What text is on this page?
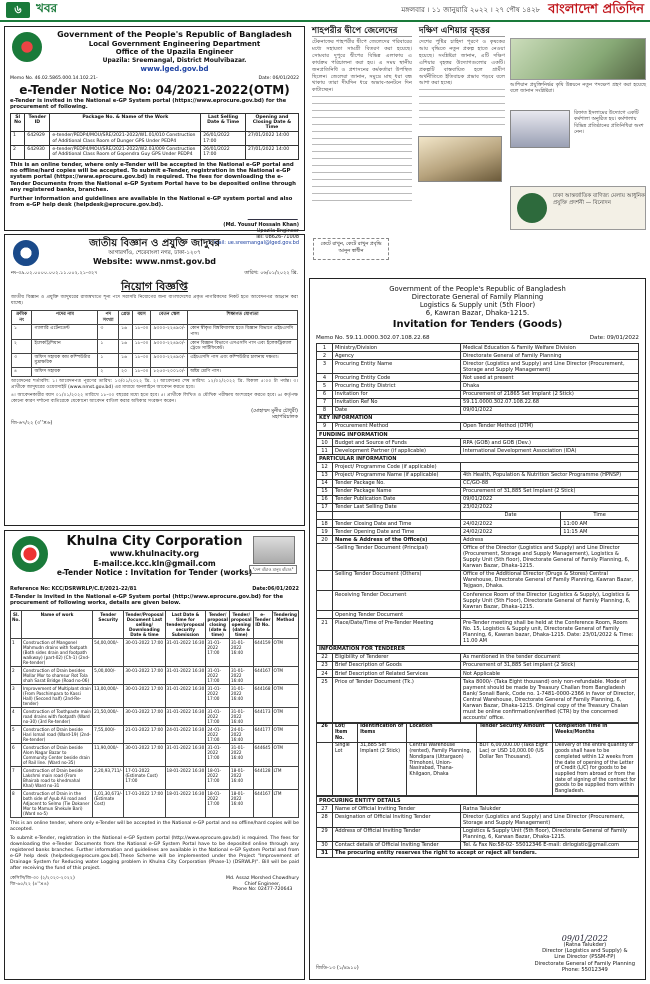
৬	খবর	মঙ্গলবার । ১১ জানুয়ারি ২০২২ । ২৭ পৌষ ১৪২৮ বাংলাদেশ প্রতিদিন
Government of the People's Republic of Bangladesh
Local Government Engineering Department
Office of the Upazila Engineer
Upazila: Sreemangal, District Moulvibazar.
www.lged.gov.bd
Memo No. 46.02.5865.000.14.102.21-	Date: 06/01/2022
e-Tender Notice No: 04/2021-2022(OTM)
e-Tender is invited in the National e-GP System portal (https://www.eprocure.gov.bd) for the procurement of following.
Sl No	Tender ID	Package No. & Name of the Work	Last Selling Date & Time	Opening and Closing Date & Time
1	642929	e-tender/PEDP4/MOU/SRE/2021-2022/W1.01/010 Construction of Additional Class Room of Dunger GPS Under PEDP4	26/01/2022 17:00	27/01/2022 14:00
2	642930	e-tender/PEDP4/MOU/SRE/2021-2022/W2.03/009 Construction of Additional Class Room of Gopendra Guy GPS Under PEDP4	26/01/2022 17:00	27/01/2022 14:00
This is an online tender, where only e-Tender will be accepted in the National e-GP portal and no offline/hard copies will be accepted. To submit e-Tender, registration in the National e-GP system portal (https://www.eprocure.gov.bd) is required. The fees for downloading the e-Tender Documents from the National e-GP System Portal have to be deposited online through any registered banks, branches.
Further information and guidelines are available in the National e-GP system portal and also from e-GP help desk (helpdesk@eprocure.gov.bd).
(Md. Yousuf Hossain Khan)
Upazila Engineer
Tel: 08626-71008
E-mail: ue.sreemangal@lged.gov.bd
শাহপরীর দ্বীপে জেলেদের
টেকনাফের শাহপরীর দ্বীপে জেলেদের পরিবারের মধ্যে সহায়তা সামগ্রী বিতরণ করা হয়েছে। সোমবার দুপুরে দ্বীপের বিভিন্ন এলাকায় এ কার্যক্রম পরিচালনা করা হয়। এ সময় স্থানীয় জনপ্রতিনিধি ও প্রশাসনের কর্মকর্তারা উপস্থিত ছিলেন। জেলেরা জানান, সমুদ্রে মাছ ধরা বন্ধ থাকায় তারা দীর্ঘদিন ধরে অভাব-অনটনে দিন কাটাচ্ছেন।
দক্ষিণ এশিয়ার বৃহত্তর
দেশের পুষ্টির চাহিদা পূরণে ও কৃষকের আয় বৃদ্ধিতে নতুন প্রকল্প হাতে নেওয়া হয়েছে। সংশ্লিষ্টরা জানান, এটি দক্ষিণ এশিয়ার বৃহত্তর উদ্যোগগুলোর একটি। প্রকল্পটি বাস্তবায়িত হলে গ্রামীণ অর্থনীতিতে ইতিবাচক প্রভাব পড়বে বলে আশা করা হচ্ছে।	আশিয়ান প্রযুক্তিনির্ভর কৃষি উন্নয়নে নতুন পদক্ষেপ গ্রহণ করা হয়েছে বলে জানান সংশ্লিষ্টরা।
রিফাত ইসলামের উদ্যোগে একটি কর্মশালা অনুষ্ঠিত হয়। কর্মশালায় বিভিন্ন প্রতিষ্ঠানের প্রতিনিধিরা অংশ নেন।
ঢাকা আন্তর্জাতিক বাণিজ্য মেলায় আধুনিক প্রযুক্তি প্রদর্শনী — বিনোদন
জাতীয় বিজ্ঞান ও প্রযুক্তি জাদুঘর
আগারগাঁও, শেরেবাংলা নগর, ঢাকা-১২০৭
Website: www.nmst.gov.bd
নং-৩৯.০২.০০০০.০০২.১১.০০২.২১-৩২৭	তারিখ: ০৬/০১/২০২২ খ্রি.
নিয়োগ বিজ্ঞপ্তি
জাতীয় বিজ্ঞান ও প্রযুক্তি জাদুঘরের রাজস্বখাতে শূন্য পদে সরাসরি নিয়োগের জন্য বাংলাদেশের প্রকৃত নাগরিকদের নিকট হতে আবেদনপত্র আহ্বান করা যাচ্ছে।
ক্রমিক নং	পদের নাম	পদ সংখ্যা	গ্রেড	বয়স	বেতন স্কেল	শিক্ষাগত যোগ্যতা
১	গ্যালারি এটেনডেন্ট	৩	১৬	১৮-৩০	৯৩০০-২২৪৯০/-	কোন স্বীকৃত বিশ্ববিদ্যালয় হতে বিজ্ঞান বিভাগে এইচএসসি পাস।
২	ইলেকট্রিশিয়ান	১	১৬	১৮-৩০	৯৩০০-২২৪৯০/-	কোন বিজ্ঞান বিভাগে এসএসসি পাস এবং ইলেকট্রিক্যাল ট্রেডে সার্টিফিকেট।
৩	অফিস সহায়ক কাম কম্পিউটার মুদ্রাক্ষরিক	১	১৬	১৮-৩০	৯৩০০-২২৪৯০/-	এইচএসসি পাস এবং কম্পিউটার চালনায় দক্ষতা।
৪	অফিস সহায়ক	২	২০	১৮-৩০	৮২৫০-২০০১০/-	অষ্টম শ্রেণি পাস।
আবেদনের শর্তাবলি: ১। আবেদনপত্র পূরণের তারিখ: ১৩/০১/২০২২ খ্রি. ২। আবেদনের শেষ তারিখ: ১২/০২/২০২২ খ্রি. বিকাল ৫:০০ টা পর্যন্ত। ৩। প্রার্থীকে জাদুঘরের ওয়েবসাইট (www.nmst.gov.bd) এর মাধ্যমে অনলাইনে আবেদন করতে হবে।
৪। আবেদনকারীর বয়স ০১/০১/২০২২ তারিখে ১৮-৩০ বছরের মধ্যে হতে হবে। ৫। প্রার্থীকে লিখিত ও মৌখিক পরীক্ষায় অংশগ্রহণ করতে হবে। ৬। কর্তৃপক্ষ কোনো কারণ দর্শানো ব্যতিরেকে যেকোনো আবেদন বাতিল করার অধিকার সংরক্ষণ করেন।
(মোহাম্মদ মুনীর চৌধুরী)
মহাপরিচালক
জি-৬৭/২২ (৩''×৬)
"দেশ বাঁচাও মানুষ বাঁচাও"
Khulna City Corporation
www.khulnacity.org
E-mail:ce.kcc.kln@gmail.com
e-Tender Notice : Invitation for Tender (works)
Reference No: KCC/DSRWRLP/C.E/2021-22/81	Date:06/01/2022
E-Tender is invited in the National e-GP System portal (http://www.eprocure.gov.bd) for the procurement of following works, details are given below.
Sl. No.	Name of work	Tender Security	Tender/Proposal Document Last selling/ Downloading Date & time	Last Date & time for tender/proposal security Submission	Tender/ proposal closing (date & time)	Tender/ proposal opening (date & time)	e-Tender ID No.	Tendering Method
1	Construction of Mangonel Mahmudn drains with footpath (Both sides drain and footpath walkway) (part-02) (Ch-1) (2nd-Re-tender)	54,00,000/-	30-01-2022 17:00	31-01-2022 16:30	31-01-2022 17:00	31-01-2022 16:40	644159	OTM
2	Construction of Drain besides Mollar Mor to shamsur Rot Tola shah Sarat Bridge (Road no-06)	5,00,000/-	30-01-2022 17:00	31-01-2022 16:30	31-01-2022 17:00	31-01-2022 16:40	644167	OTM
3	Improvement of Multiplant drain (From Paschimpara to Kassi Hall) (Second half) (2nd-Re-tender)	13,00,000/-	30-01-2022 17:00	31-01-2022 16:30	31-01-2022 17:00	31-01-2022 16:40	644168	OTM
4	Construction of Toothpaste main road drains with footpath (Ward no-30) (3rd Re-tender)	21,50,000/-	30-01-2022 17:00	31-01-2022 16:30	31-01-2022 17:00	31-01-2022 16:40	644173	OTM
5	Construction of Drain beside Hari Ismail road (Ward-19) (2nd-Re-tender)	7,55,000/-	21-01-2022 17:00	24-01-2022 16:30	24-01-2022 17:00	24-01-2022 16:40	644177	OTM
6	Construction of Drain beside Alom Nagar Bazar to Community Center beside drain of Rail line. (Ward no-35)	11,90,000/-	30-01-2022 17:00	31-01-2022 16:30	31-01-2022 17:00	31-01-2022 16:40	644645	OTM
7	Construction of Drain beside Lakshmi main road (From Bhairab road to khedmahal Khal) Ward no-31	2,20,93,711/-	17-01-2022 (Estimate Cost) 17:00	18-01-2022 16:30	18-01-2022 17:00	18-01-2022 16:40	644128	LTM
8	Construction of Drain in the both side of Ayub Ali road and Adjacent to Selmo (Tie Dokaner Mor to Mamun Shekule Bari) (Ward no-5)	1,01,30,673/- (Estimate Cost)	17-01-2022 17:00	18-01-2022 16:30	18-01-2022 17:00	18-01-2022 16:40	644167	LTM
This is an online tender, where only e-Tender will be accepted in the National e-GP portal and no offline/hard copies will be accepted.
To submit e-Tender, registration in the National e-GP System portal (http://www.eprocure.gov.bd) is required. The fees for downloading the e-Tender Documents from the National e-GP System Portal have to be deposited online through any registered banks branches. Further information and guidelines are available in the National e-GP System Portal and from e-GP help desk (helpdesk@eprocure.gov.bd).These Scheme will be implemented under the Project "Improvement of Drainage System for Reducing water Logging problem in Khulna City Corporation (Phase-1) (DSRWLP)". Bill will be paid after receiving the fund of this project.
কেসিসি/জি-৩০ (২/২০২০-২০২২)
জি-৬৫/২২ (৪''×৪)
Md. Assaz Morshed Chowdhury
Chief Engineer,
Phone No: 02477-720643
কেটে রাখুন, কেটে রাখুন প্রবৃদ্ধি আনুন স্বাধীন
Government of the People's Republic of Bangladesh
Directorate General of Family Planning
Logistics & Supply unit (5th Floor)
6, Kawran Bazar, Dhaka-1215.
Invitation for Tenders (Goods)
Memo No. 59.11.0000.302.07.108.22.68	Date: 09/01/2022
1	Ministry/Division	Medical Education & Family Welfare Division	
2	Agency	Directorate General of Family Planning	
3	Procuring Entity Name	Director (Logistics and Supply) and Line Director (Procurement, Storage and Supply Management)	
4	Procuring Entity Code	Not used at present	
5	Procuring Entity District	Dhaka	
6	Invitation for	Procurement of 21865 Set Implant (2 Stick)	
7	Invitation Ref No	59.11.0000.302.07.108.22.68	
8	Date	09/01/2022	
KEY INFORMATION			
9	Procurement Method	Open Tender Method (OTM)	
FUNDING INFORMATION			
10	Budget and Source of Funds	RPA (GOB) and GOB (Dev.)	
11	Development Partner (if applicable)	International Development Association (IDA)	
PARTICULAR INFORMATION			
12	Project/ Programme Code (if applicable)		
13	Project/ Programme Name (if applicable)	4th Health, Population & Nutrition Sector Programme (HPNSP)	
14	Tender Package No.	CC/GO-88	
15	Tender Package Name	Procurement of 31,885 Set Implant (2 Stick)	
16	Tender Publication Date	09/01/2022	
17	Tender Last Selling Date	23/02/2022	
		Date	Time
18	Tender Closing Date and Time	24/02/2022	11:00 AM
19	Tender Opening Date and Time	24/02/2022	11:15 AM
20	Name & Address of the Office(s)	Address	
	-Selling Tender Document (Principal)	Office of the Director (Logistics and Supply) and Line Director (Procurement, Storage and Supply Management), Logistics & Supply Unit (5th floor), Directorate General of Family Planning, 6, Karwan Bazar, Dhaka-1215.	
	Selling Tender Document (Others)	Office of the Additional Director (Drugs & Stores) Central Warehouse, Directorate General of Family Planning, Kawran Bazar, Tejgaon, Dhaka.	
	Receiving Tender Document	Conference Room of the Director (Logistics & Supply), Logistics & Supply Unit (5th Floor), Directorate General of Family Planning, 6, Kawran Bazar, Dhaka-1215.	
	Opening Tender Document		
21	Place/Date/Time of Pre-Tender Meeting	Pre-Tender meeting shall be held at the Conference Room, Room No. 15, Logistics & Supply unit, Directorate General of Family Planning, 6, Kawran bazar, Dhaka-1215. Date: 23/01/2022 & Time: 11.00 AM	
INFORMATION FOR TENDERER			
22	Eligibility of Tenderer	As mentioned in the tender document	
23	Brief Description of Goods	Procurement of 31,885 Set implant (2 Stick)	
24	Brief Description of Related Services	Not Applicable	
25	Price of Tender Document (Tk.)	Taka 8000/- (Taka Eight thousand) only non-refundable. Mode of payment should be made by Treasury Challan from Bangladesh Bank/ Sonali Bank, Code no. 1-7481-0000-2366 in favor of Director, Central Warehouse, Directorate General of Family Planning, 6, Karwan Bazar, Dhaka-1215. Original copy of the Treasury Chalan must be online confirmation/verified (CTR) by the concerned accounts' office.	
26	Lot/ Item No.	Identification of Items	Location	Tender Security Amount	Completion Time in Weeks/Months
	Single Lot	31,885 Set Implant (2 Stick)	Central Warehouse (rented), Family Planning, Nondipara (Uttargaon) Trimohoni, Union-Nasirabad, Thana-Khilgaon, Dhaka	BDT 6,00,000.00 (Taka Eight Lac) or USD 10,000.00 (US Dollar Ten Thousand).	Delivery of the entire quantity of goods shall have to be completed within 12 weeks from the date of opening of the Letter of Credit (L/C) for goods to be supplied from abroad or from the date of signing of the contract for goods to be supplied from within Bangladesh.
PROCURING ENTITY DETAILS		
27	Name of Official Inviting Tender	Ratna Talukder
28	Designation of Official Inviting Tender	Director (Logistics and Supply) and Line Director (Procurement, Storage and Supply Management)
29	Address of Official Inviting Tender	Logistics & Supply Unit (5th floor), Directorate General of Family Planning, 6, Karwan Bazar, Dhaka-1215.
30	Contact details of Official Inviting Tender	Tel. & Fax No:58-02- 55012346 E-mail: dirlogistic@gmail.com
31	The procuring entity reserves the right to accept or reject all tenders.	
09/01/2022
(Ratna Talukder)
Director (Logistics and Supply) &
Line Director (PSSM-FP)
Directorate General of Family Planning
Phone: 55012349
জিডি-১৩ (১/৪৯১০)
